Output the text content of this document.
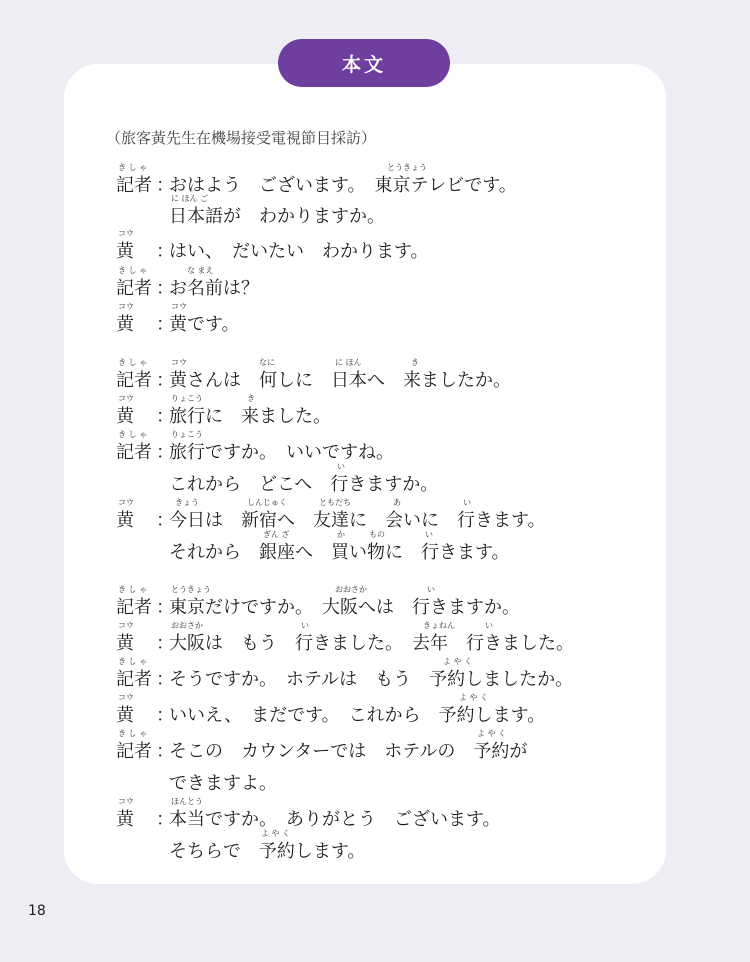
本文
（旅客黃先生在機場接受電視節目採訪）
記者 ：
おはよう　ございます。　東京テレビです。
き し ゃ	とうきょう
日本語が　わかりますか。
に ほん ご
黄	：
はい、　だいたい　わかります。
コウ
記者 ：
お名前は？
き し ゃ	な まえ
黄	：
黄です。
コウ	コウ
記者 ：
黄さんは　何しに　日本へ　来ましたか。
き し ゃ	コウ	なに	に ほん	き
黄	：
旅行に　来ました。
コウ	りょこう	き
記者 ：
旅行ですか。　いいですね。
き し ゃ	りょこう
これから　どこへ　行きますか。
い
黄	：
今日は　新宿へ　友達に　会いに　行きます。
コウ	きょう	しんじゅく	ともだち	あ	い
それから　銀座へ　買い物に　行きます。
ぎん ざ	か	もの	い
記者 ：
東京だけですか。　大阪へは　行きますか。
き し ゃ	とうきょう	おおさか	い
黄	：
大阪は　もう　行きました。　去年　行きました。
コウ	おおさか	い	きょねん	い
記者 ：
そうですか。　ホテルは　もう　予約しましたか。
き し ゃ	よ や く
黄	：
いいえ、　まだです。　これから　予約します。
コウ	よ や く
記者 ：
そこの　カウンターでは　ホテルの　予約が
き し ゃ	よ や く
できますよ。
黄	：
本当ですか。　ありがとう　ございます。
コウ	ほんとう
そちらで　予約します。
よ や く
18
